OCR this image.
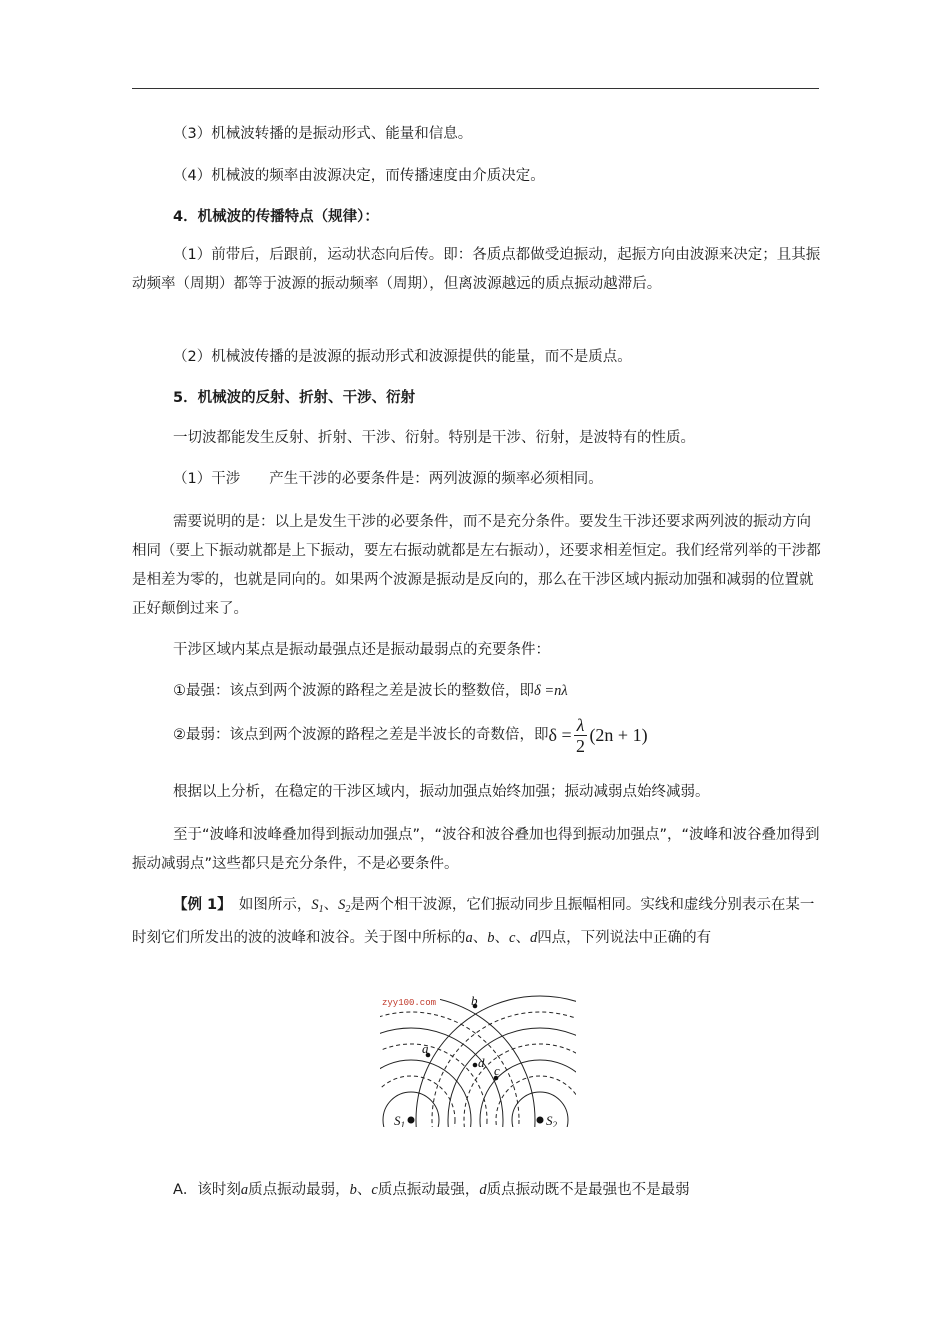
（3）机械波转播的是振动形式、能量和信息。
（4）机械波的频率由波源决定，而传播速度由介质决定。
4．机械波的传播特点（规律）：
（1）前带后，后跟前，运动状态向后传。即：各质点都做受迫振动，起振方向由波源来决定；且其振动频率（周期）都等于波源的振动频率（周期），但离波源越远的质点振动越滞后。
（2）机械波传播的是波源的振动形式和波源提供的能量，而不是质点。
5．机械波的反射、折射、干涉、衍射
一切波都能发生反射、折射、干涉、衍射。特别是干涉、衍射，是波特有的性质。
（1）干涉　　产生干涉的必要条件是：两列波源的频率必须相同。
需要说明的是：以上是发生干涉的必要条件，而不是充分条件。要发生干涉还要求两列波的振动方向相同（要上下振动就都是上下振动，要左右振动就都是左右振动），还要求相差恒定。我们经常列举的干涉都是相差为零的，也就是同向的。如果两个波源是振动是反向的，那么在干涉区域内振动加强和减弱的位置就正好颠倒过来了。
干涉区域内某点是振动最强点还是振动最弱点的充要条件：
①最强：该点到两个波源的路程之差是波长的整数倍，即δ =nλ
②最弱：该点到两个波源的路程之差是半波长的奇数倍，即 $\delta = \frac{\lambda}{2} (2n + 1)$
根据以上分析，在稳定的干涉区域内，振动加强点始终加强；振动减弱点始终减弱。
至于“波峰和波峰叠加得到振动加强点”，“波谷和波谷叠加也得到振动加强点”，“波峰和波谷叠加得到振动减弱点”这些都只是充分条件，不是必要条件。
【例 1】　如图所示，$S_1$、$S_2$是两个相干波源，它们振动同步且振幅相同。实线和虚线分别表示在某一时刻它们所发出的波的波峰和波谷。关于图中所标的a、b、c、d四点，下列说法中正确的有
zyy100.com	b
a
d
c
$S_1$	$S_2$
A．该时刻a质点振动最弱，b、c质点振动最强，d质点振动既不是最强也不是最弱
